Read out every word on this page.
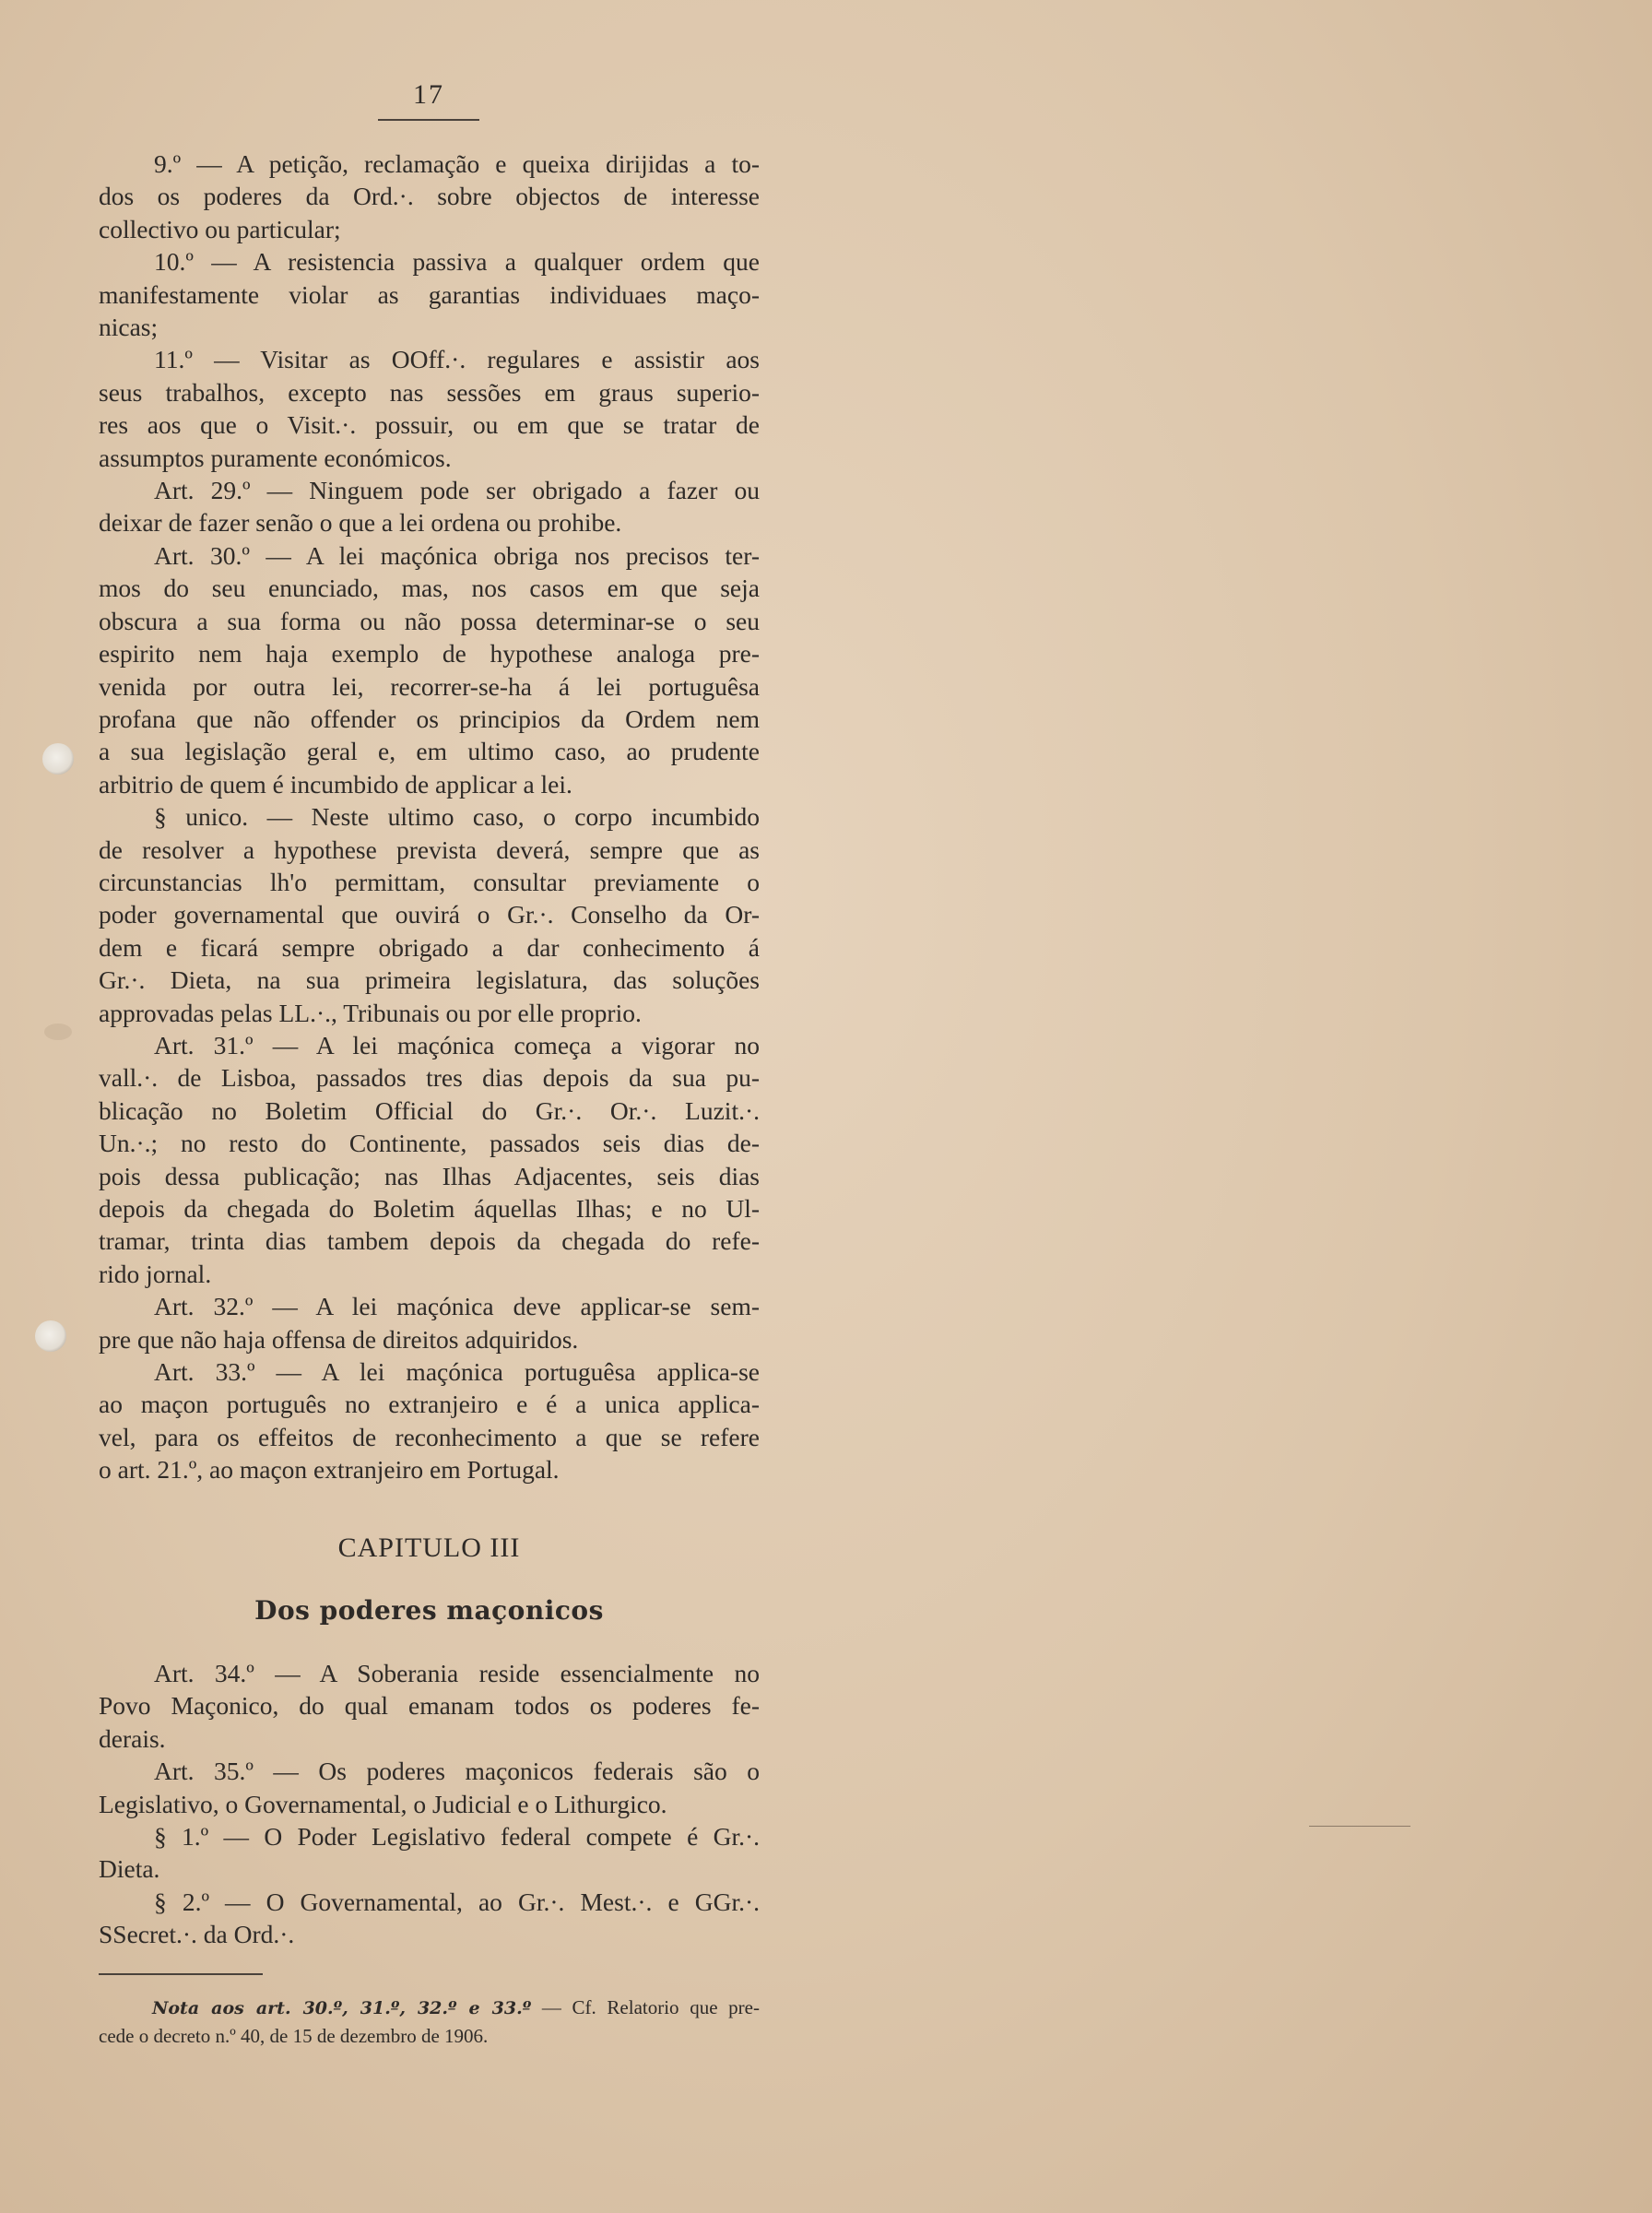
17
9.º — A petição, reclamação e queixa dirijidas a to-
dos os poderes da Ord.·. sobre objectos de interesse
collectivo ou particular;
10.º — A resistencia passiva a qualquer ordem que
manifestamente violar as garantias individuaes maço-
nicas;
11.º — Visitar as OOff.·. regulares e assistir aos
seus trabalhos, excepto nas sessões em graus superio-
res aos que o Visit.·. possuir, ou em que se tratar de
assumptos puramente económicos.
Art. 29.º — Ninguem pode ser obrigado a fazer ou
deixar de fazer senão o que a lei ordena ou prohibe.
Art. 30.º — A lei maçónica obriga nos precisos ter-
mos do seu enunciado, mas, nos casos em que seja
obscura a sua forma ou não possa determinar-se o seu
espirito nem haja exemplo de hypothese analoga pre-
venida por outra lei, recorrer-se-ha á lei portuguêsa
profana que não offender os principios da Ordem nem
a sua legislação geral e, em ultimo caso, ao prudente
arbitrio de quem é incumbido de applicar a lei.
§ unico. — Neste ultimo caso, o corpo incumbido
de resolver a hypothese prevista deverá, sempre que as
circunstancias lh'o permittam, consultar previamente o
poder governamental que ouvirá o Gr.·. Conselho da Or-
dem e ficará sempre obrigado a dar conhecimento á
Gr.·. Dieta, na sua primeira legislatura, das soluções
approvadas pelas LL.·., Tribunais ou por elle proprio.
Art. 31.º — A lei maçónica começa a vigorar no
vall.·. de Lisboa, passados tres dias depois da sua pu-
blicação no Boletim Official do Gr.·. Or.·. Luzit.·.
Un.·.; no resto do Continente, passados seis dias de-
pois dessa publicação; nas Ilhas Adjacentes, seis dias
depois da chegada do Boletim áquellas Ilhas; e no Ul-
tramar, trinta dias tambem depois da chegada do refe-
rido jornal.
Art. 32.º — A lei maçónica deve applicar-se sem-
pre que não haja offensa de direitos adquiridos.
Art. 33.º — A lei maçónica portuguêsa applica-se
ao maçon português no extranjeiro e é a unica applica-
vel, para os effeitos de reconhecimento a que se refere
o art. 21.º, ao maçon extranjeiro em Portugal.
CAPITULO III
Dos poderes maçonicos
Art. 34.º — A Soberania reside essencialmente no
Povo Maçonico, do qual emanam todos os poderes fe-
derais.
Art. 35.º — Os poderes maçonicos federais são o
Legislativo, o Governamental, o Judicial e o Lithurgico.
§ 1.º — O Poder Legislativo federal compete é Gr.·.
Dieta.
§ 2.º — O Governamental, ao Gr.·. Mest.·. e GGr.·.
SSecret.·. da Ord.·.
Nota aos art. 30.º, 31.º, 32.º e 33.º — Cf. Relatorio que pre-
cede o decreto n.º 40, de 15 de dezembro de 1906.
